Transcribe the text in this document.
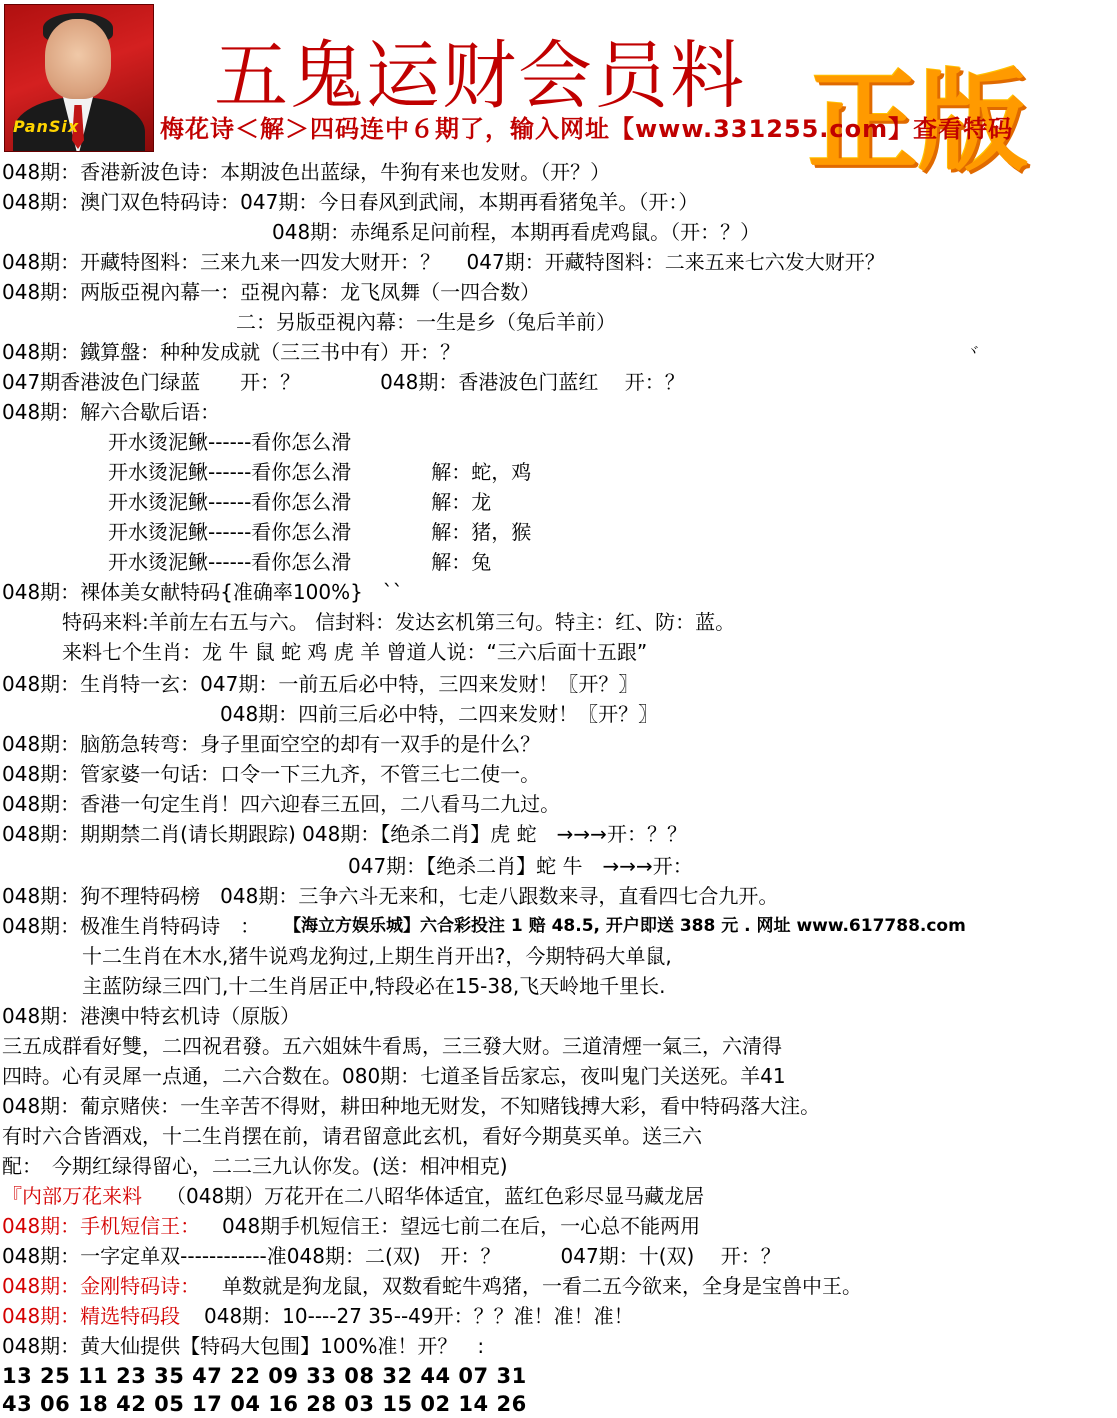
PanSix
五鬼运财会员料 正版
梅花诗＜解＞四码连中６期了，输入网址【www.331255.com】查看特码
048期：香港新波色诗：本期波色出蓝绿，牛狗有来也发财。（开？）
048期：澳门双色特码诗：047期：今日春风到武闹，本期再看猪兔羊。（开：）
048期：赤绳系足问前程，本期再看虎鸡鼠。（开：？）
048期：开藏特图料：三来九来一四发大财开：？　 047期：开藏特图料：二来五来七六发大财开？
048期：两版亞視內幕一：亞視內幕：龙飞凤舞（一四合数）
二：另版亞視內幕：一生是乡（兔后羊前）
048期：鐵算盤：种种发成就（三三书中有）开：？	ヾ
047期香港波色门绿蓝　　开：？　　　　048期：香港波色门蓝红　 开：？
048期：解六合歇后语：
开水烫泥鳅------看你怎么滑
开水烫泥鳅------看你怎么滑　　　　解：蛇，鸡
开水烫泥鳅------看你怎么滑　　　　解：龙
开水烫泥鳅------看你怎么滑　　　　解：猪，猴
开水烫泥鳅------看你怎么滑　　　　解：兔
048期：裸体美女献特码{准确率100%}　``
特码来料:羊前左右五与六。 信封料：发达玄机第三句。特主：红、防：蓝。
来料七个生肖：龙 牛 鼠 蛇 鸡 虎 羊 曾道人说：“三六后面十五跟”
048期：生肖特一玄：047期：一前五后必中特，三四来发财！〖开？〗
048期：四前三后必中特，二四来发财！〖开？〗
048期：脑筋急转弯：身子里面空空的却有一双手的是什么？
048期：管家婆一句话：口令一下三九齐，不管三七二使一。
048期：香港一句定生肖！四六迎春三五回，二八看马二九过。
048期：期期禁二肖(请长期跟踪) 048期：【绝杀二肖】虎 蛇　→→→开：？？
047期：【绝杀二肖】蛇 牛　→→→开：
048期：狗不理特码榜　048期：三争六斗无来和，七走八跟数来寻，直看四七合九开。
048期：极准生肖特码诗　： 【海立方娱乐城】六合彩投注 1 赔 48.5, 开户即送 388 元 . 网址 www.617788.com
十二生肖在木水,猪牛说鸡龙狗过,上期生肖开出?，今期特码大单鼠,
主蓝防绿三四门,十二生肖居正中,特段必在15-38,飞天岭地千里长.
048期：港澳中特玄机诗（原版）
三五成群看好雙，二四祝君發。五六姐妹牛看馬，三三發大财。三道清煙一氣三，六清得
四時。心有灵犀一点通，二六合数在。080期：七道圣旨岳家忘，夜叫鬼门关送死。羊41
048期：葡京赌侠：一生辛苦不得财，耕田种地无财发，不知赌钱搏大彩，看中特码落大注。
有时六合皆酒戏，十二生肖摆在前，请君留意此玄机，看好今期莫买单。送三六
配：　今期红绿得留心，二二三九认你发。(送：相冲相克)
『内部万花来料 （048期）万花开在二八昭华体适宜，蓝红色彩尽显马藏龙居
048期：手机短信王： 048期手机短信王：望远七前二在后，一心总不能两用
048期：一字定单双------------准048期：二(双)　开：？　　　047期：十(双)　 开：？
048期：金刚特码诗： 单数就是狗龙鼠，双数看蛇牛鸡猪，一看二五今欲来，全身是宝兽中王。
048期：精选特码段 048期：10----27 35--49开：？？准！准！准！
048期：黄大仙提供【特码大包围】100%准！开？　:
13 25 11 23 35 47 22 09 33 08 32 44 07 31
43 06 18 42 05 17 04 16 28 03 15 02 14 26
